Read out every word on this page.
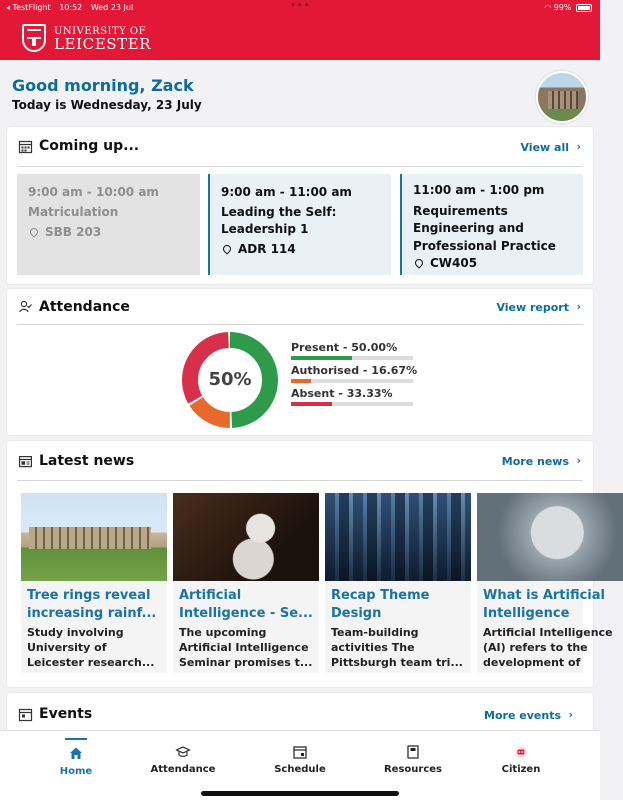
◂ TestFlight 10:52 Wed 23 Jul	•••	◠ 99%
UNIVERSITY OF
LEICESTER
Good morning, Zack
Today is Wednesday, 23 July
Coming up...	View all ›
9:00 am - 10:00 am
Matriculation
SBB 203
9:00 am - 11:00 am
Leading the Self: Leadership 1
ADR 114
11:00 am - 1:00 pm
Requirements Engineering and Professional Practice
CW405
Attendance	View report ›
50%
Present - 50.00%
Authorised - 16.67%
Absent - 33.33%
Latest news	More news ›
Tree rings reveal increasing rainf...
Study involving University of Leicester research...
Artificial Intelligence - Se...
The upcoming Artificial Intelligence Seminar promises t...
Recap Theme Design
Team-building activities The Pittsburgh team tri...
What is Artificial Intelligence
Artificial Intelligence (AI) refers to the development of
Events	More events ›
Home	Attendance	Schedule	Resources	Citizen
